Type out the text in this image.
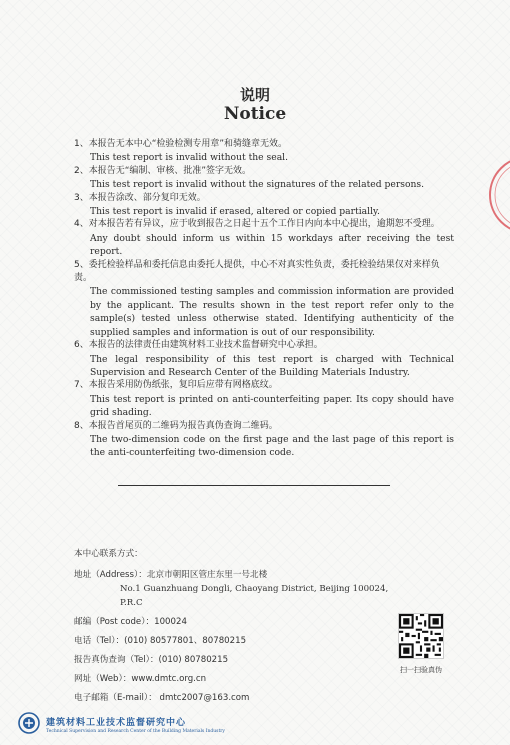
说明
Notice
1、本报告无本中心“检验检测专用章”和骑缝章无效。
This test report is invalid without the seal.
2、本报告无“编制、审核、批准”签字无效。
This test report is invalid without the signatures of the related persons.
3、本报告涂改、部分复印无效。
This test report is invalid if erased, altered or copied partially.
4、对本报告若有异议，应于收到报告之日起十五个工作日内向本中心提出，逾期恕不受理。
Any doubt should inform us within 15 workdays after receiving the test report.
5、委托检验样品和委托信息由委托人提供，中心不对真实性负责，委托检验结果仅对来样负责。
The commissioned testing samples and commission information are provided by the applicant. The results shown in the test report refer only to the sample(s) tested unless otherwise stated. Identifying authenticity of the supplied samples and information is out of our responsibility.
6、本报告的法律责任由建筑材料工业技术监督研究中心承担。
The legal responsibility of this test report is charged with Technical Supervision and Research Center of the Building Materials Industry.
7、本报告采用防伪纸张，复印后应带有网格底纹。
This test report is printed on anti-counterfeiting paper. Its copy should have grid shading.
8、本报告首尾页的二维码为报告真伪查询二维码。
The two-dimension code on the first page and the last page of this report is the anti-counterfeiting two-dimension code.
本中心联系方式：
地址（Address）：北京市朝阳区管庄东里一号北楼
No.1 Guanzhuang Dongli, Chaoyang District, Beijing 100024, P.R.C
邮编（Post code）：100024
电话（Tel）：(010) 80577801、80780215
报告真伪查询（Tel）：(010) 80780215
网址（Web）：www.dmtc.org.cn
电子邮箱（E-mail）： dmtc2007@163.com
扫一扫验真伪
建筑材料工业技术监督研究中心
Technical Supervision and Research Center of the Building Materials Industry
